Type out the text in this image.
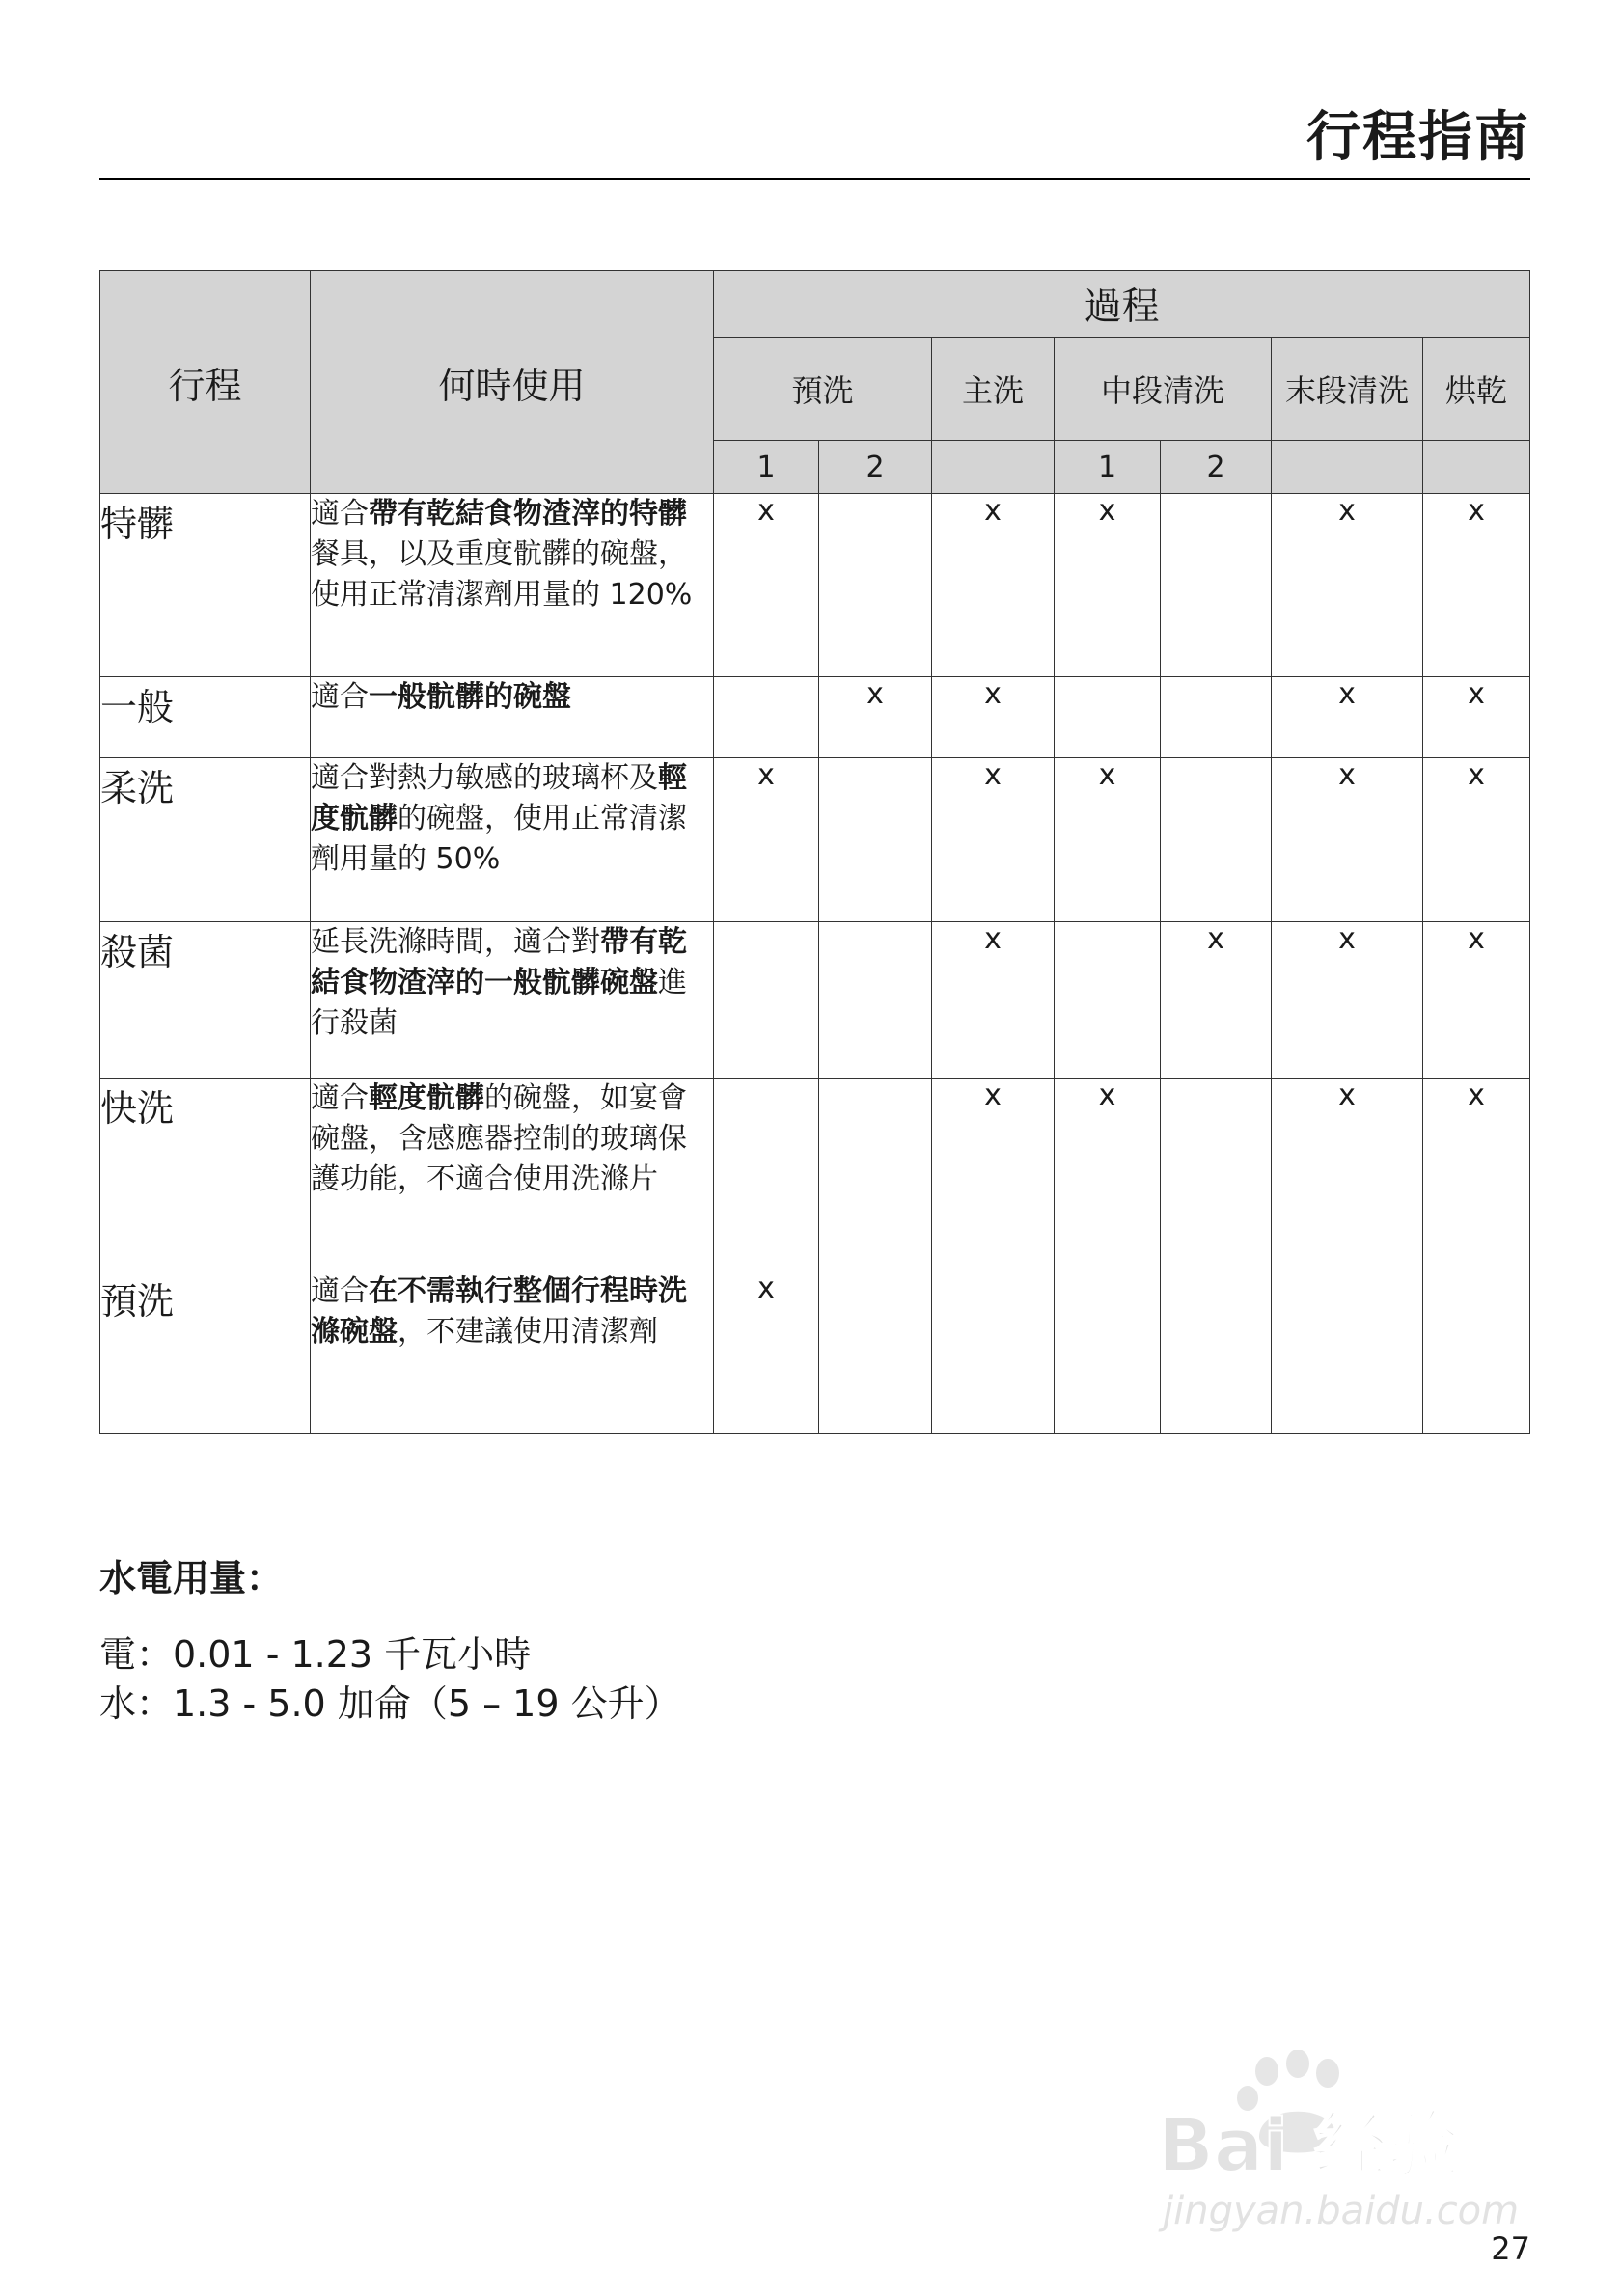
行程指南
行程	何時使用	過程						
		預洗		主洗	中段清洗		末段清洗	烘乾
		1	2		1	2		
特髒	適合帶有乾結食物渣滓的特髒餐具，以及重度骯髒的碗盤，使用正常清潔劑用量的 120%	x		x	x		x	x
一般	適合一般骯髒的碗盤		x	x			x	x
柔洗	適合對熱力敏感的玻璃杯及輕度骯髒的碗盤，使用正常清潔劑用量的 50%	x		x	x		x	x
殺菌	延長洗滌時間，適合對帶有乾結食物渣滓的一般骯髒碗盤進行殺菌			x		x	x	x
快洗	適合輕度骯髒的碗盤，如宴會碗盤，含感應器控制的玻璃保護功能，不適合使用洗滌片			x	x		x	x
預洗	適合在不需執行整個行程時洗滌碗盤，不建議使用清潔劑	x						
水電用量：
電：0.01 - 1.23 千瓦小時
水：1.3 - 5.0 加侖（5 – 19 公升）
Bai 经验
jingyan.baidu.com
27
